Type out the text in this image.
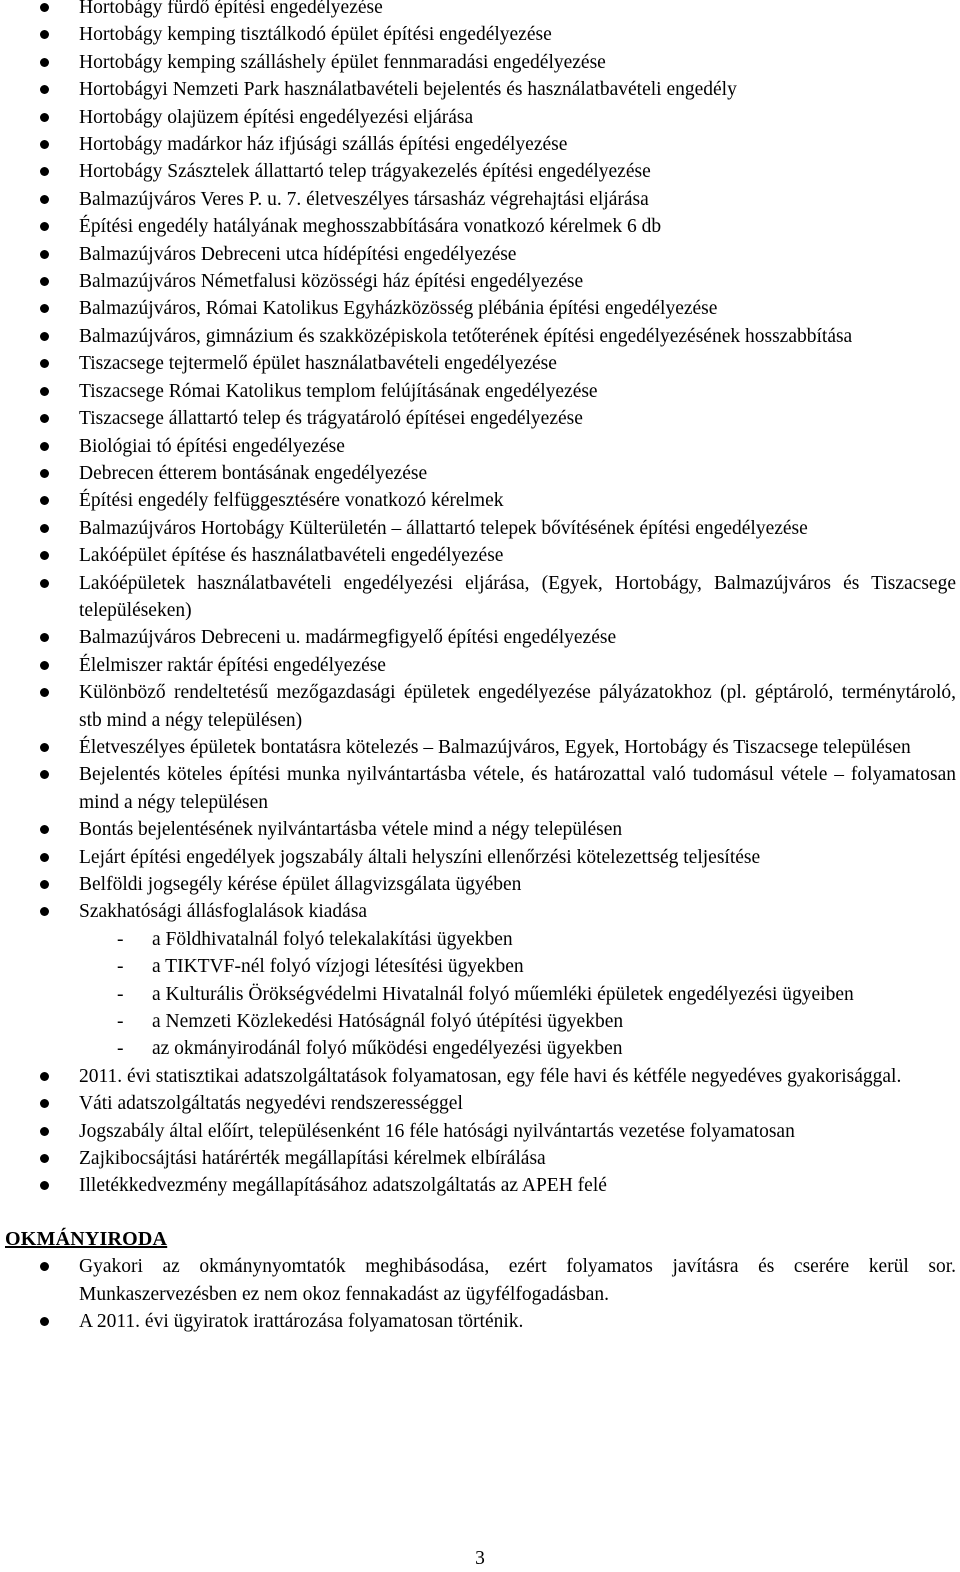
Hortobágy fürdő építési engedélyezése
Hortobágy kemping tisztálkodó épület építési engedélyezése
Hortobágy kemping szálláshely épület fennmaradási engedélyezése
Hortobágyi Nemzeti Park használatbavételi bejelentés és használatbavételi engedély
Hortobágy olajüzem építési engedélyezési eljárása
Hortobágy madárkor ház ifjúsági szállás építési engedélyezése
Hortobágy Szásztelek állattartó telep trágyakezelés építési engedélyezése
Balmazújváros Veres P. u. 7. életveszélyes társasház végrehajtási eljárása
Építési engedély hatályának meghosszabbítására vonatkozó kérelmek 6 db
Balmazújváros Debreceni utca hídépítési engedélyezése
Balmazújváros Németfalusi közösségi ház építési engedélyezése
Balmazújváros, Római Katolikus Egyházközösség plébánia építési engedélyezése
Balmazújváros, gimnázium és szakközépiskola tetőterének építési engedélyezésének hosszabbítása
Tiszacsege tejtermelő épület használatbavételi engedélyezése
Tiszacsege Római Katolikus templom felújításának engedélyezése
Tiszacsege állattartó telep és trágyatároló építései engedélyezése
Biológiai tó építési engedélyezése
Debrecen étterem bontásának engedélyezése
Építési engedély felfüggesztésére vonatkozó kérelmek
Balmazújváros Hortobágy Külterületén – állattartó telepek bővítésének építési engedélyezése
Lakóépület építése és használatbavételi engedélyezése
Lakóépületek használatbavételi engedélyezési eljárása, (Egyek, Hortobágy, Balmazújváros és Tiszacsege településeken)
Balmazújváros Debreceni u. madármegfigyelő építési engedélyezése
Élelmiszer raktár építési engedélyezése
Különböző rendeltetésű mezőgazdasági épületek engedélyezése pályázatokhoz (pl. géptároló, terménytároló, stb mind a négy településen)
Életveszélyes épületek bontatásra kötelezés – Balmazújváros, Egyek, Hortobágy és Tiszacsege településen
Bejelentés köteles építési munka nyilvántartásba vétele, és határozattal való tudomásul vétele – folyamatosan mind a négy településen
Bontás bejelentésének nyilvántartásba vétele mind a négy településen
Lejárt építési engedélyek jogszabály általi helyszíni ellenőrzési kötelezettség teljesítése
Belföldi jogsegély kérése épület állagvizsgálata ügyében
Szakhatósági állásfoglalások kiadása
- a Földhivatalnál folyó telekalakítási ügyekben
- a TIKTVF-nél folyó vízjogi létesítési ügyekben
- a Kulturális Örökségvédelmi Hivatalnál folyó műemléki épületek engedélyezési ügyeiben
- a Nemzeti Közlekedési Hatóságnál folyó útépítési ügyekben
- az okmányirodánál folyó működési engedélyezési ügyekben
2011. évi statisztikai adatszolgáltatások folyamatosan, egy féle havi és kétféle negyedéves gyakorisággal.
Váti adatszolgáltatás negyedévi rendszerességgel
Jogszabály által előírt, településenként 16 féle hatósági nyilvántartás vezetése folyamatosan
Zajkibocsájtási határérték megállapítási kérelmek elbírálása
Illetékkedvezmény megállapításához adatszolgáltatás az APEH felé
OKMÁNYIRODA
Gyakori az okmánynyomtatók meghibásodása, ezért folyamatos javításra és cserére kerül sor. Munkaszervezésben ez nem okoz fennakadást az ügyfélfogadásban.
A 2011. évi ügyiratok irattározása folyamatosan történik.
3
